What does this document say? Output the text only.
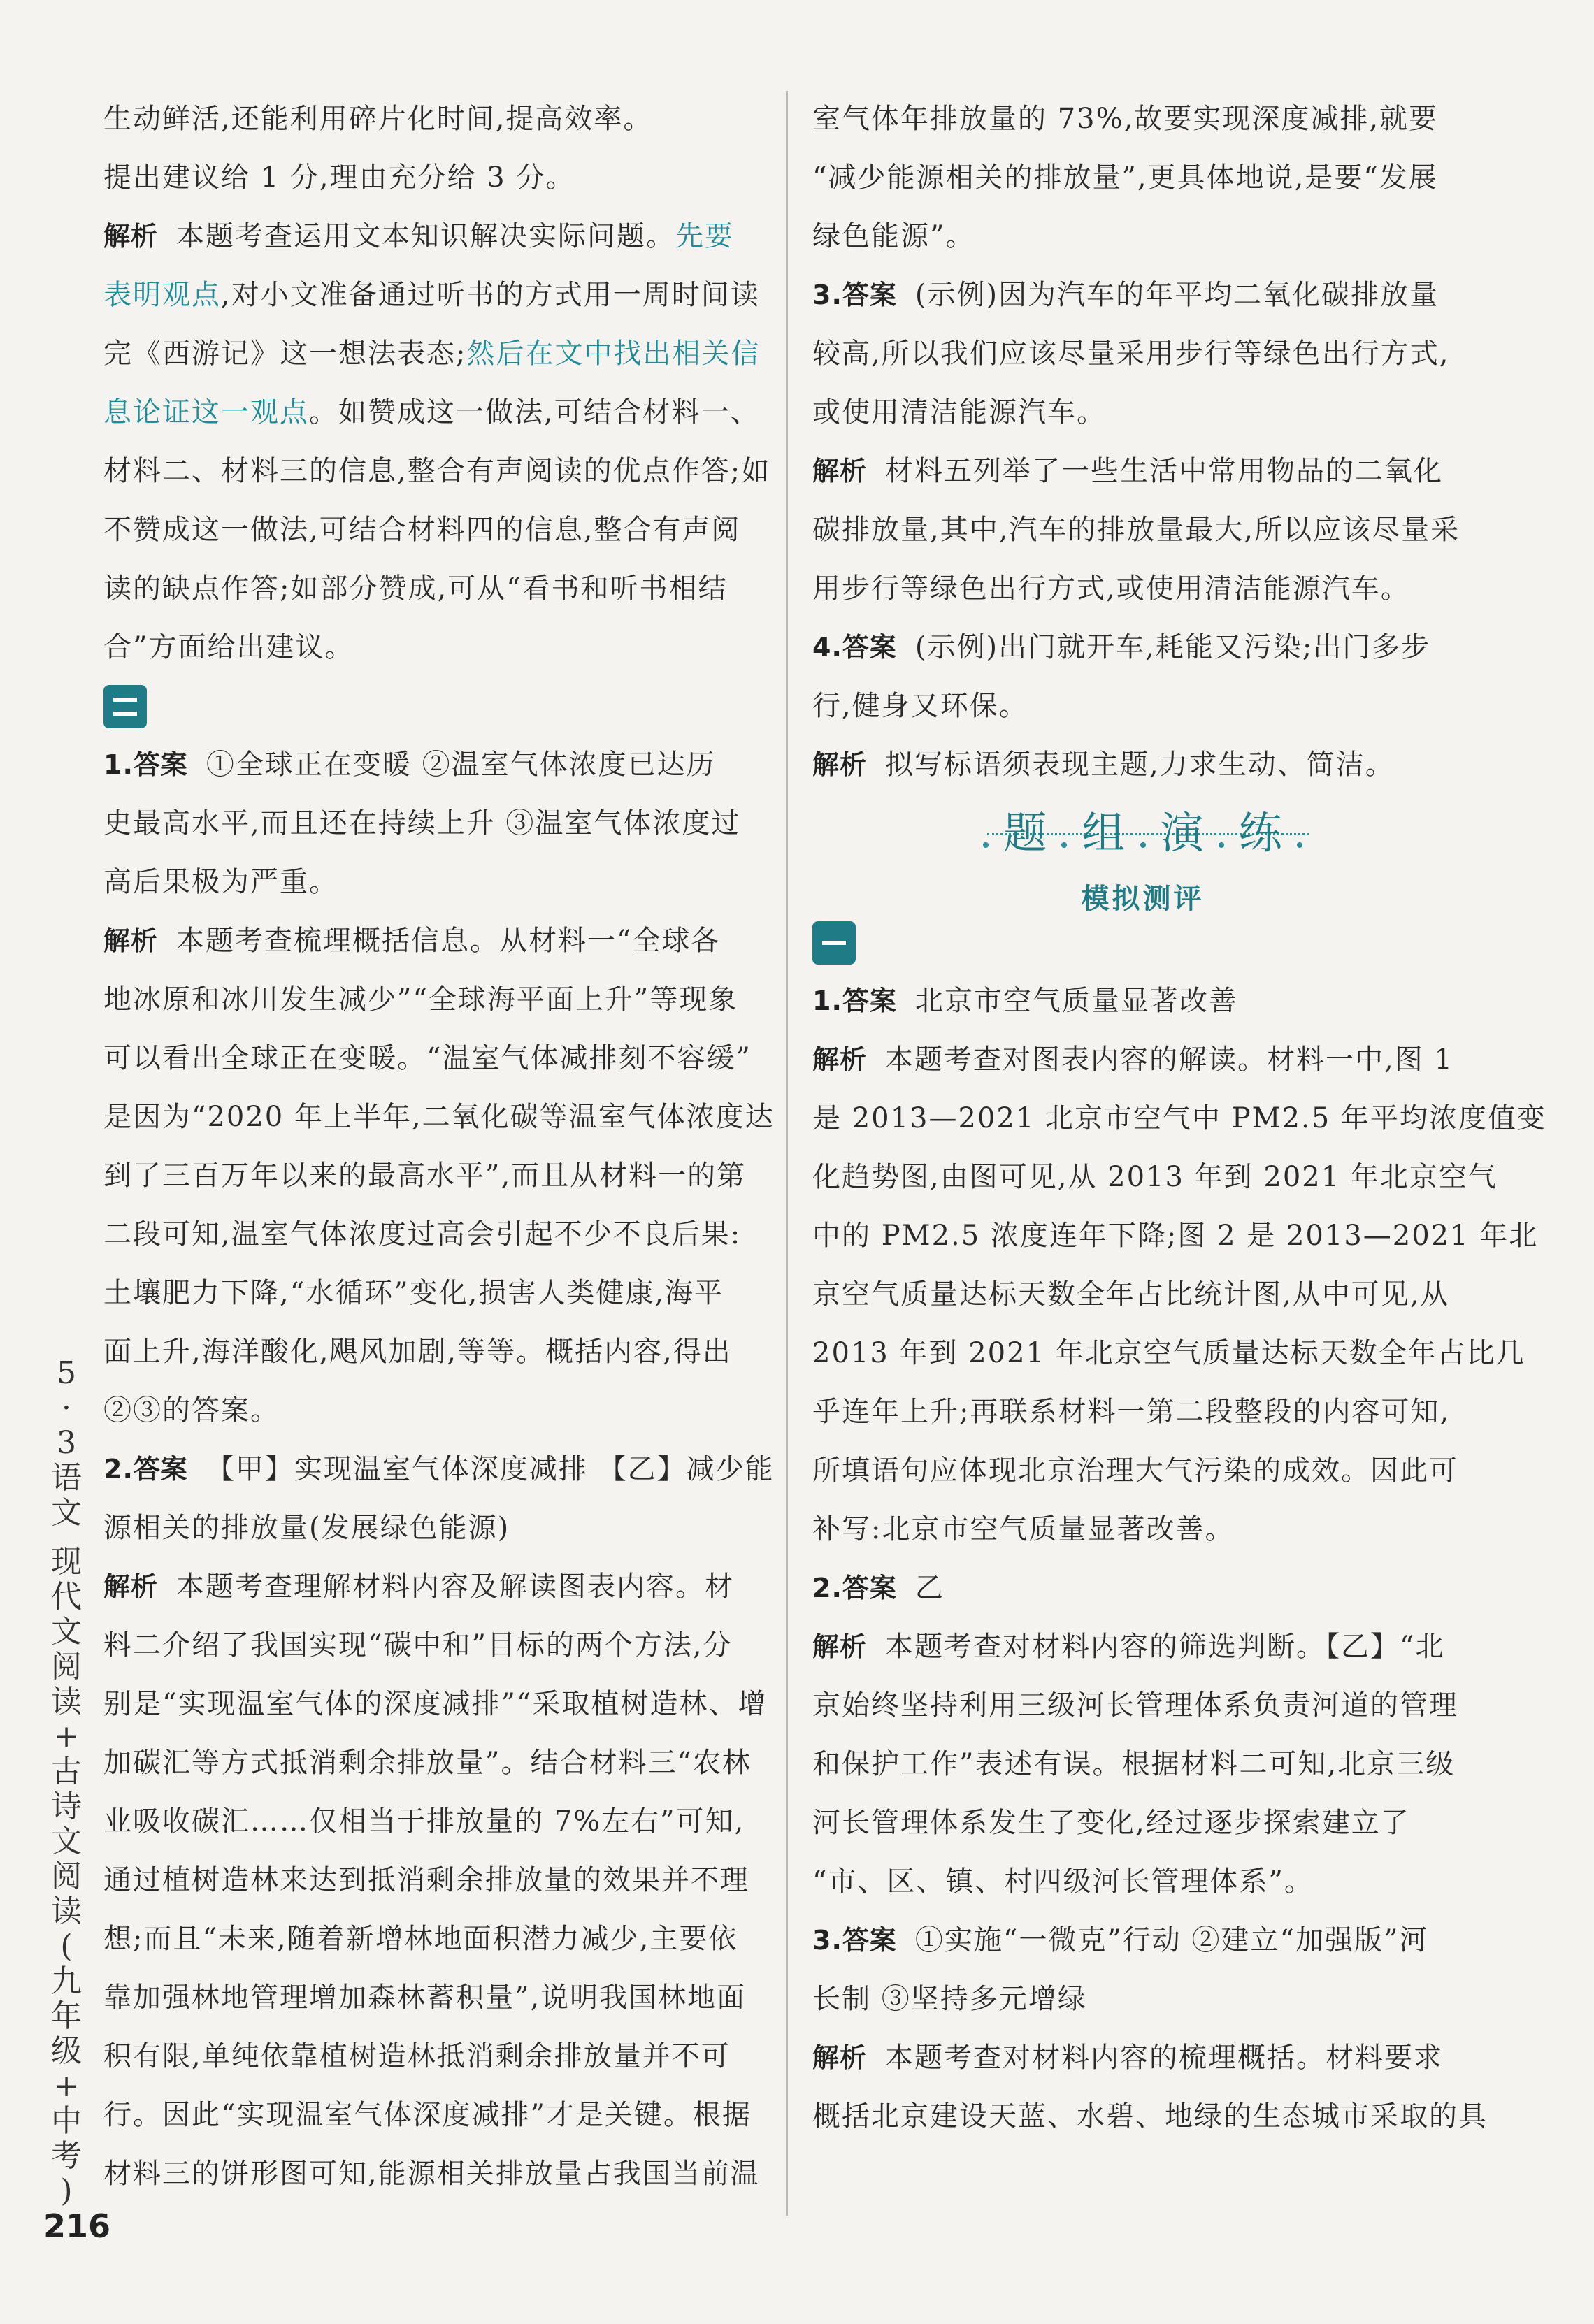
生动鲜活,还能利用碎片化时间,提高效率。
提出建议给 1 分,理由充分给 3 分。
解析 本题考查运用文本知识解决实际问题。先要
表明观点,对小文准备通过听书的方式用一周时间读
完《西游记》这一想法表态;然后在文中找出相关信
息论证这一观点。如赞成这一做法,可结合材料一、
材料二、材料三的信息,整合有声阅读的优点作答;如
不赞成这一做法,可结合材料四的信息,整合有声阅
读的缺点作答;如部分赞成,可从“看书和听书相结
合”方面给出建议。
1.答案 ①全球正在变暖 ②温室气体浓度已达历
史最高水平,而且还在持续上升 ③温室气体浓度过
高后果极为严重。
解析 本题考查梳理概括信息。从材料一“全球各
地冰原和冰川发生减少”“全球海平面上升”等现象
可以看出全球正在变暖。“温室气体减排刻不容缓”
是因为“2020 年上半年,二氧化碳等温室气体浓度达
到了三百万年以来的最高水平”,而且从材料一的第
二段可知,温室气体浓度过高会引起不少不良后果:
土壤肥力下降,“水循环”变化,损害人类健康,海平
面上升,海洋酸化,飓风加剧,等等。概括内容,得出
②③的答案。
2.答案 【甲】实现温室气体深度减排 【乙】减少能
源相关的排放量(发展绿色能源)
解析 本题考查理解材料内容及解读图表内容。材
料二介绍了我国实现“碳中和”目标的两个方法,分
别是“实现温室气体的深度减排”“采取植树造林、增
加碳汇等方式抵消剩余排放量”。结合材料三“农林
业吸收碳汇……仅相当于排放量的 7%左右”可知,
通过植树造林来达到抵消剩余排放量的效果并不理
想;而且“未来,随着新增林地面积潜力减少,主要依
靠加强林地管理增加森林蓄积量”,说明我国林地面
积有限,单纯依靠植树造林抵消剩余排放量并不可
行。因此“实现温室气体深度减排”才是关键。根据
材料三的饼形图可知,能源相关排放量占我国当前温
室气体年排放量的 73%,故要实现深度减排,就要
“减少能源相关的排放量”,更具体地说,是要“发展
绿色能源”。
3.答案 (示例)因为汽车的年平均二氧化碳排放量
较高,所以我们应该尽量采用步行等绿色出行方式,
或使用清洁能源汽车。
解析 材料五列举了一些生活中常用物品的二氧化
碳排放量,其中,汽车的排放量最大,所以应该尽量采
用步行等绿色出行方式,或使用清洁能源汽车。
4.答案 (示例)出门就开车,耗能又污染;出门多步
行,健身又环保。
解析 拟写标语须表现主题,力求生动、简洁。
题 组 演 练
模拟测评
1.答案 北京市空气质量显著改善
解析 本题考查对图表内容的解读。材料一中,图 1
是 2013—2021 北京市空气中 PM2.5 年平均浓度值变
化趋势图,由图可见,从 2013 年到 2021 年北京空气
中的 PM2.5 浓度连年下降;图 2 是 2013—2021 年北
京空气质量达标天数全年占比统计图,从中可见,从
2013 年到 2021 年北京空气质量达标天数全年占比几
乎连年上升;再联系材料一第二段整段的内容可知,
所填语句应体现北京治理大气污染的成效。因此可
补写:北京市空气质量显著改善。
2.答案 乙
解析 本题考查对材料内容的筛选判断。【乙】“北
京始终坚持利用三级河长管理体系负责河道的管理
和保护工作”表述有误。根据材料二可知,北京三级
河长管理体系发生了变化,经过逐步探索建立了
“市、区、镇、村四级河长管理体系”。
3.答案 ①实施“一微克”行动 ②建立“加强版”河
长制 ③坚持多元增绿
解析 本题考查对材料内容的梳理概括。材料要求
概括北京建设天蓝、水碧、地绿的生态城市采取的具
5
·
3
语
文
现
代
文
阅
读
+
古
诗
文
阅
读
(
九
年
级
+
中
考
)
216
